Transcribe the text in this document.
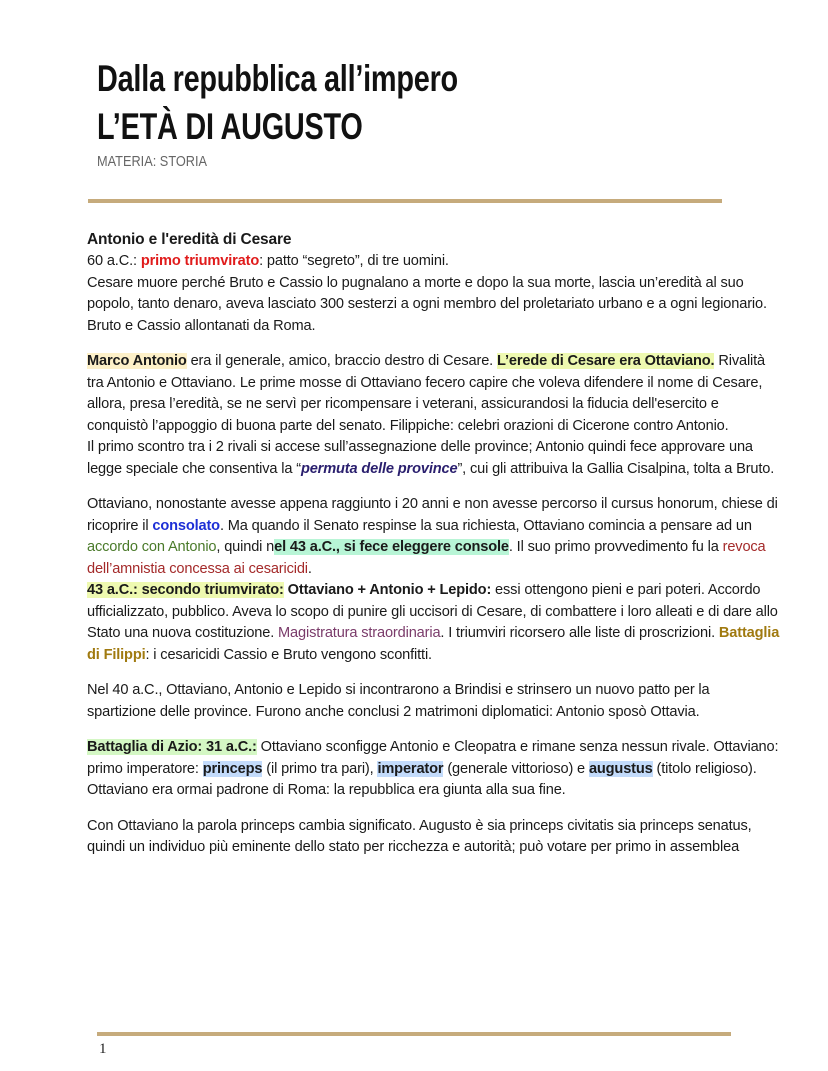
Dalla repubblica all’impero
L’ETÀ DI AUGUSTO
MATERIA: STORIA
Antonio e l'eredità di Cesare

60 a.C.: primo triumvirato: patto “segreto”, di tre uomini.

Cesare muore perché Bruto e Cassio lo pugnalano a morte e dopo la sua morte, lascia un’eredità al suo popolo, tanto denaro, aveva lasciato 300 sesterzi a ogni membro del proletariato urbano e a ogni legionario. Bruto e Cassio allontanati da Roma.

Marco Antonio era il generale, amico, braccio destro di Cesare. L’erede di Cesare era Ottaviano. Rivalità tra Antonio e Ottaviano. Le prime mosse di Ottaviano fecero capire che voleva difendere il nome di Cesare, allora, presa l’eredità, se ne servì per ricompensare i veterani, assicurandosi la fiducia dell'esercito e conquistò l’appoggio di buona parte del senato. Filippiche: celebri orazioni di Cicerone contro Antonio.

Il primo scontro tra i 2 rivali si accese sull’assegnazione delle province; Antonio quindi fece approvare una legge speciale che consentiva la “permuta delle province”, cui gli attribuiva la Gallia Cisalpina, tolta a Bruto.

Ottaviano, nonostante avesse appena raggiunto i 20 anni e non avesse percorso il cursus honorum, chiese di ricoprire il consolato. Ma quando il Senato respinse la sua richiesta, Ottaviano comincia a pensare ad un accordo con Antonio, quindi nel 43 a.C., si fece eleggere console. Il suo primo provvedimento fu la revoca dell’amnistia concessa ai cesaricidi.

43 a.C.: secondo triumvirato: Ottaviano + Antonio + Lepido: essi ottengono pieni e pari poteri. Accordo ufficializzato, pubblico. Aveva lo scopo di punire gli uccisori di Cesare, di combattere i loro alleati e di dare allo Stato una nuova costituzione. Magistratura straordinaria. I triumviri ricorsero alle liste di proscrizioni. Battaglia di Filippi: i cesaricidi Cassio e Bruto vengono sconfitti.

Nel 40 a.C., Ottaviano, Antonio e Lepido si incontrarono a Brindisi e strinsero un nuovo patto per la spartizione delle province. Furono anche conclusi 2 matrimoni diplomatici: Antonio sposò Ottavia.

Battaglia di Azio: 31 a.C.: Ottaviano sconfigge Antonio e Cleopatra e rimane senza nessun rivale. Ottaviano: primo imperatore: princeps (il primo tra pari), imperator (generale vittorioso) e augustus (titolo religioso). Ottaviano era ormai padrone di Roma: la repubblica era giunta alla sua fine.

Con Ottaviano la parola princeps cambia significato. Augusto è sia princeps civitatis sia princeps senatus, quindi un individuo più eminente dello stato per ricchezza e autorità; può votare per primo in assemblea

1
